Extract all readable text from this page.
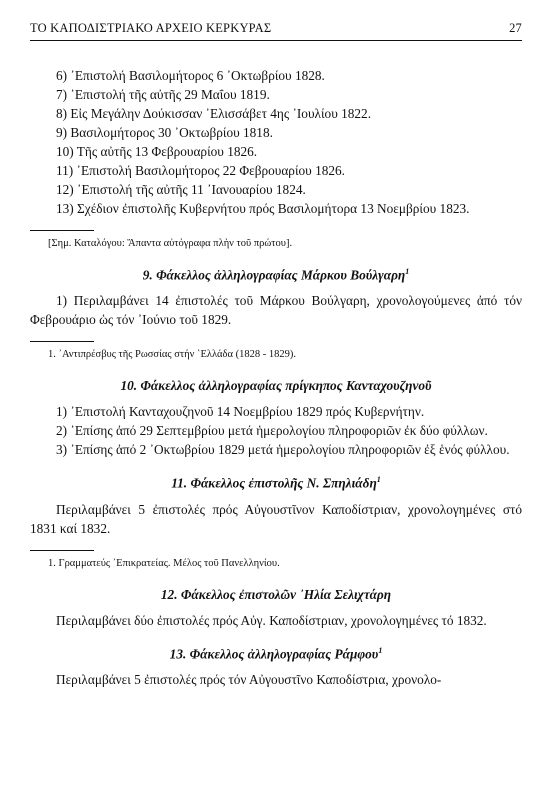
ΤΟ ΚΑΠΟΔΙΣΤΡΙΑΚΟ ΑΡΧΕΙΟ ΚΕΡΚΥΡΑΣ	27
6) ᾿Επιστολή Βασιλομήτορος 6 ᾿Οκτωβρίου 1828.
7) ᾿Επιστολή τῆς αὐτῆς 29 Μαΐου 1819.
8) Εἰς Μεγάλην Δούκισσαν ᾿Ελισσάβετ 4ης ᾿Ιουλίου 1822.
9) Βασιλομήτορος 30 ᾿Οκτωβρίου 1818.
10) Τῆς αὐτῆς 13 Φεβρουαρίου 1826.
11) ᾿Επιστολή Βασιλομήτορος 22 Φεβρουαρίου 1826.
12) ᾿Επιστολή τῆς αὐτῆς 11 ᾿Ιανουαρίου 1824.
13) Σχέδιον ἐπιστολῆς Κυβερνήτου πρός Βασιλομήτορα 13 Νοεμβρίου 1823.
[Σημ. Καταλόγου: Ἅπαντα αὐτόγραφα πλὴν τοῦ πρώτου].
9. Φάκελλος ἀλληλογραφίας Μάρκου Βούλγαρη$^1$

1) Περιλαμβάνει 14 ἐπιστολές τοῦ Μάρκου Βούλγαρη, χρονολογούμενες ἀπό τόν Φεβρουάριο ὡς τόν ᾿Ιούνιο τοῦ 1829.

1. ᾿Αντιπρέσβυς τῆς Ρωσσίας στήν ῾Ελλάδα (1828 - 1829).
10. Φάκελλος ἀλληλογραφίας πρίγκηπος Κανταχουζηνοῦ
1) ᾿Επιστολή Κανταχουζηνοῦ 14 Νοεμβρίου 1829 πρός Κυβερνήτην.
2) ᾿Επίσης ἀπό 29 Σεπτεμβρίου μετά ἡμερολογίου πληροφοριῶν ἐκ δύο φύλλων.
3) ᾿Επίσης ἀπό 2 ᾿Οκτωβρίου 1829 μετά ἡμερολογίου πληροφοριῶν ἐξ ἑνός φύλλου.
11. Φάκελλος ἐπιστολῆς Ν. Σπηλιάδη$^1$

Περιλαμβάνει 5 ἐπιστολές πρός Αὐγουστῖνον Καποδίστριαν, χρονολογημένες στό 1831 καί 1832.

1. Γραμματεύς ᾿Επικρατείας. Μέλος τοῦ Πανελληνίου.
12. Φάκελλος ἐπιστολῶν ᾿Ηλία Σελιχτάρη

Περιλαμβάνει δύο ἐπιστολές πρός Αὐγ. Καποδίστριαν, χρονολογημένες τό 1832.

13. Φάκελλος ἀλληλογραφίας Ράμφου$^1$

Περιλαμβάνει 5 ἐπιστολές πρός τόν Αὐγουστῖνο Καποδίστρια, χρονολο-
